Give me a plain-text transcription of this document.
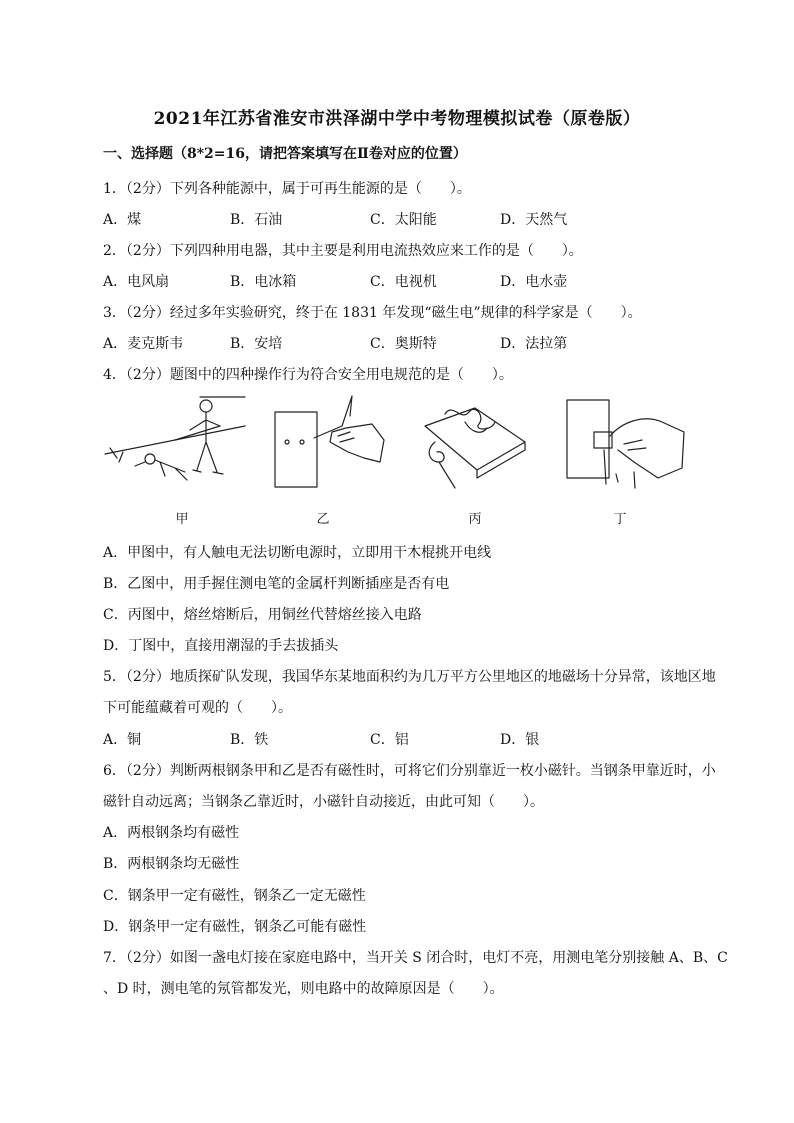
2021年江苏省淮安市洪泽湖中学中考物理模拟试卷（原卷版）
一、选择题（8*2=16，请把答案填写在Ⅱ卷对应的位置）
1．（2分）下列各种能源中，属于可再生能源的是（　　）。
A．煤	B．石油	C．太阳能	D．天然气
2．（2分）下列四种用电器，其中主要是利用电流热效应来工作的是（　　）。
A．电风扇	B．电冰箱	C．电视机	D．电水壶
3．（2分）经过多年实验研究，终于在 1831 年发现“磁生电”规律的科学家是（　　）。
A．麦克斯韦	B．安培	C．奥斯特	D．法拉第
4．（2分）题图中的四种操作行为符合安全用电规范的是（　　）。
甲	乙	丙	丁
A．甲图中，有人触电无法切断电源时，立即用干木棍挑开电线
B．乙图中，用手握住测电笔的金属杆判断插座是否有电
C．丙图中，熔丝熔断后，用铜丝代替熔丝接入电路
D．丁图中，直接用潮湿的手去拔插头
5．（2分）地质探矿队发现，我国华东某地面积约为几万平方公里地区的地磁场十分异常，该地区地
下可能蕴藏着可观的（　　）。
A．铜	B．铁	C．铝	D．银
6．（2分）判断两根钢条甲和乙是否有磁性时，可将它们分别靠近一枚小磁针。当钢条甲靠近时，小
磁针自动远离；当钢条乙靠近时，小磁针自动接近，由此可知（　　）。
A．两根钢条均有磁性
B．两根钢条均无磁性
C．钢条甲一定有磁性，钢条乙一定无磁性
D．钢条甲一定有磁性，钢条乙可能有磁性
7．（2分）如图一盏电灯接在家庭电路中，当开关 S 闭合时，电灯不亮，用测电笔分别接触 A、B、C
、D 时，测电笔的氖管都发光，则电路中的故障原因是（　　）。
